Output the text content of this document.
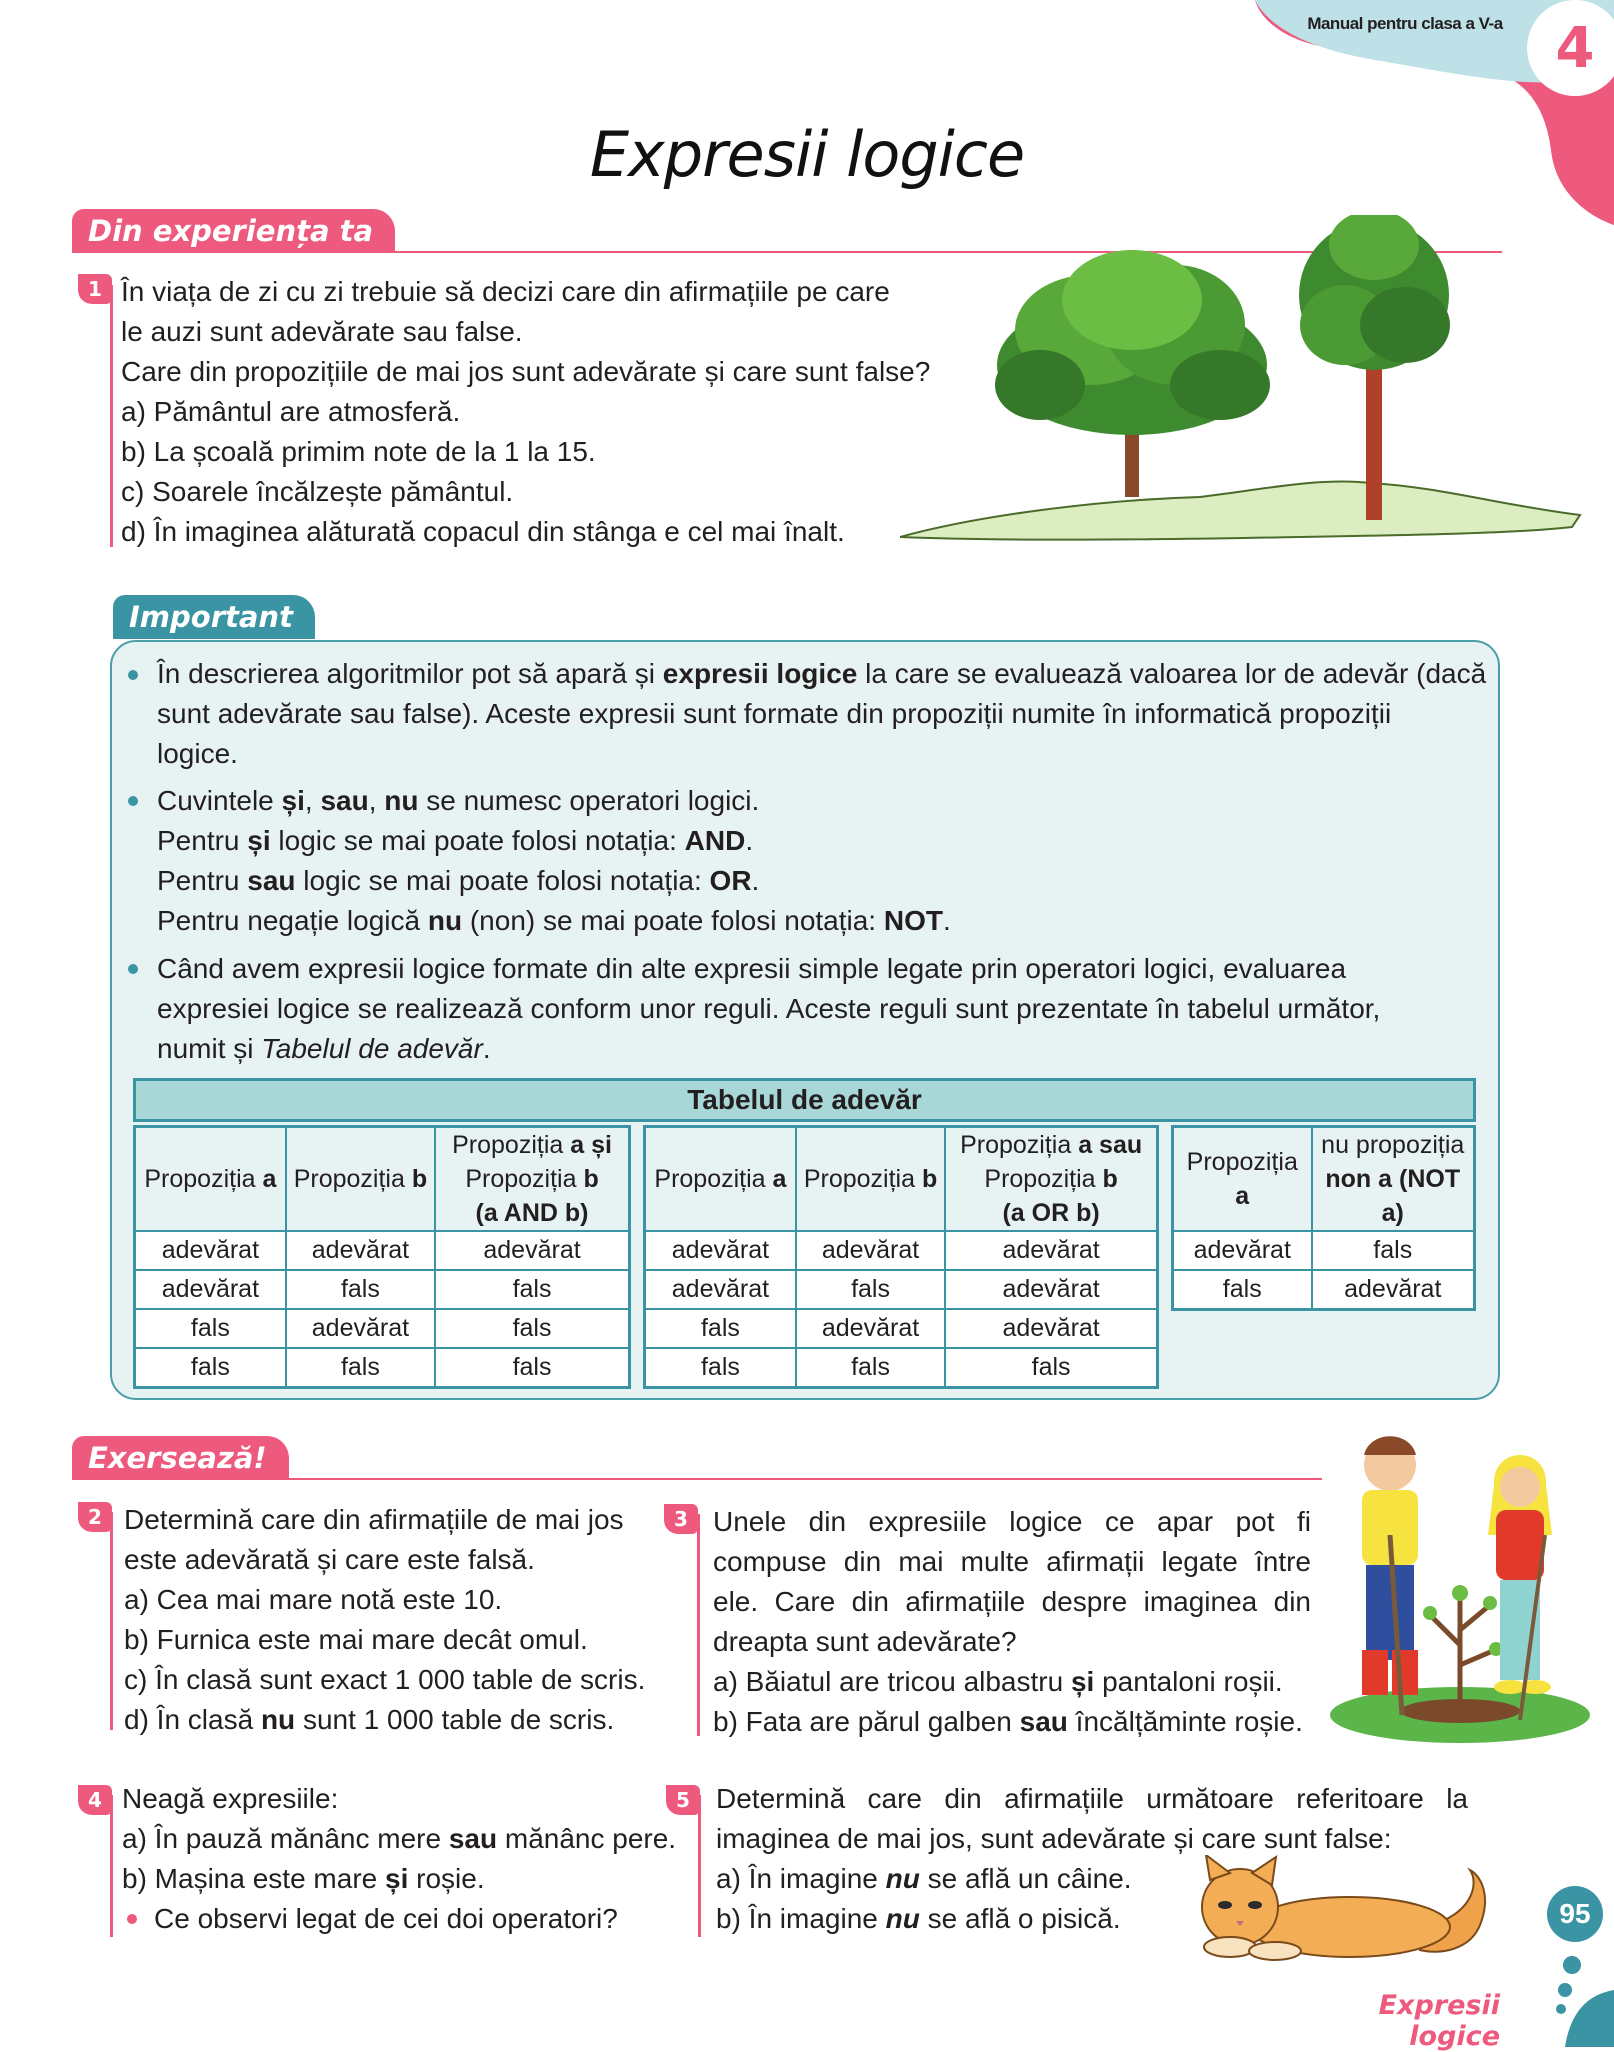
Manual pentru clasa a V-a 4
Expresii logice
Din experiența ta
1 În viața de zi cu zi trebuie să decizi care din afirmațiile pe care

le auzi sunt adevărate sau false.

Care din propozițiile de mai jos sunt adevărate și care sunt false?

a) Pământul are atmosferă.

b) La școală primim note de la 1 la 15.

c) Soarele încălzește pământul.

d) În imaginea alăturată copacul din stânga e cel mai înalt.

Important

În descrierea algoritmilor pot să apară și expresii logice la care se evaluează valoarea lor de adevăr (dacă

sunt adevărate sau false). Aceste expresii sunt formate din propoziții numite în informatică propoziții

logice.

Cuvintele și, sau, nu se numesc operatori logici.

Pentru și logic se mai poate folosi notația: AND.

Pentru sau logic se mai poate folosi notația: OR.

Pentru negație logică nu (non) se mai poate folosi notația: NOT.

Când avem expresii logice formate din alte expresii simple legate prin operatori logici, evaluarea

expresiei logice se realizează conform unor reguli. Aceste reguli sunt prezentate în tabelul următor,

numit și Tabelul de adevăr.

Tabelul de adevăr
Propoziția a	Propoziția b	Propoziția a și
Propoziția b
(a AND b)
adevărat	adevărat	adevărat
adevărat	fals	fals
fals	adevărat	fals
fals	fals	fals
Propoziția a	Propoziția b	Propoziția a sau
Propoziția b
(a OR b)
adevărat	adevărat	adevărat
adevărat	fals	adevărat
fals	adevărat	adevărat
fals	fals	fals
Propoziția
a	nu propoziția
non a (NOT a)
adevărat	fals
fals	adevărat
Exersează!
2 Determină care din afirmațiile de mai jos

este adevărată și care este falsă.

a) Cea mai mare notă este 10.

b) Furnica este mai mare decât omul.

c) În clasă sunt exact 1 000 table de scris.

d) În clasă nu sunt 1 000 table de scris.

3 Unele din expresiile logice ce apar pot fi

compuse din mai multe afirmații legate între

ele. Care din afirmațiile despre imaginea din

dreapta sunt adevărate?

a) Băiatul are tricou albastru și pantaloni roșii.

b) Fata are părul galben sau încălțăminte roșie.

4 Neagă expresiile:

a) În pauză mănânc mere sau mănânc pere.

b) Mașina este mare și roșie.

Ce observi legat de cei doi operatori?

5 Determină care din afirmațiile următoare referitoare la

imaginea de mai jos, sunt adevărate și care sunt false:

a) În imagine nu se află un câine.

b) În imagine nu se află o pisică.	95
Expresii logice
